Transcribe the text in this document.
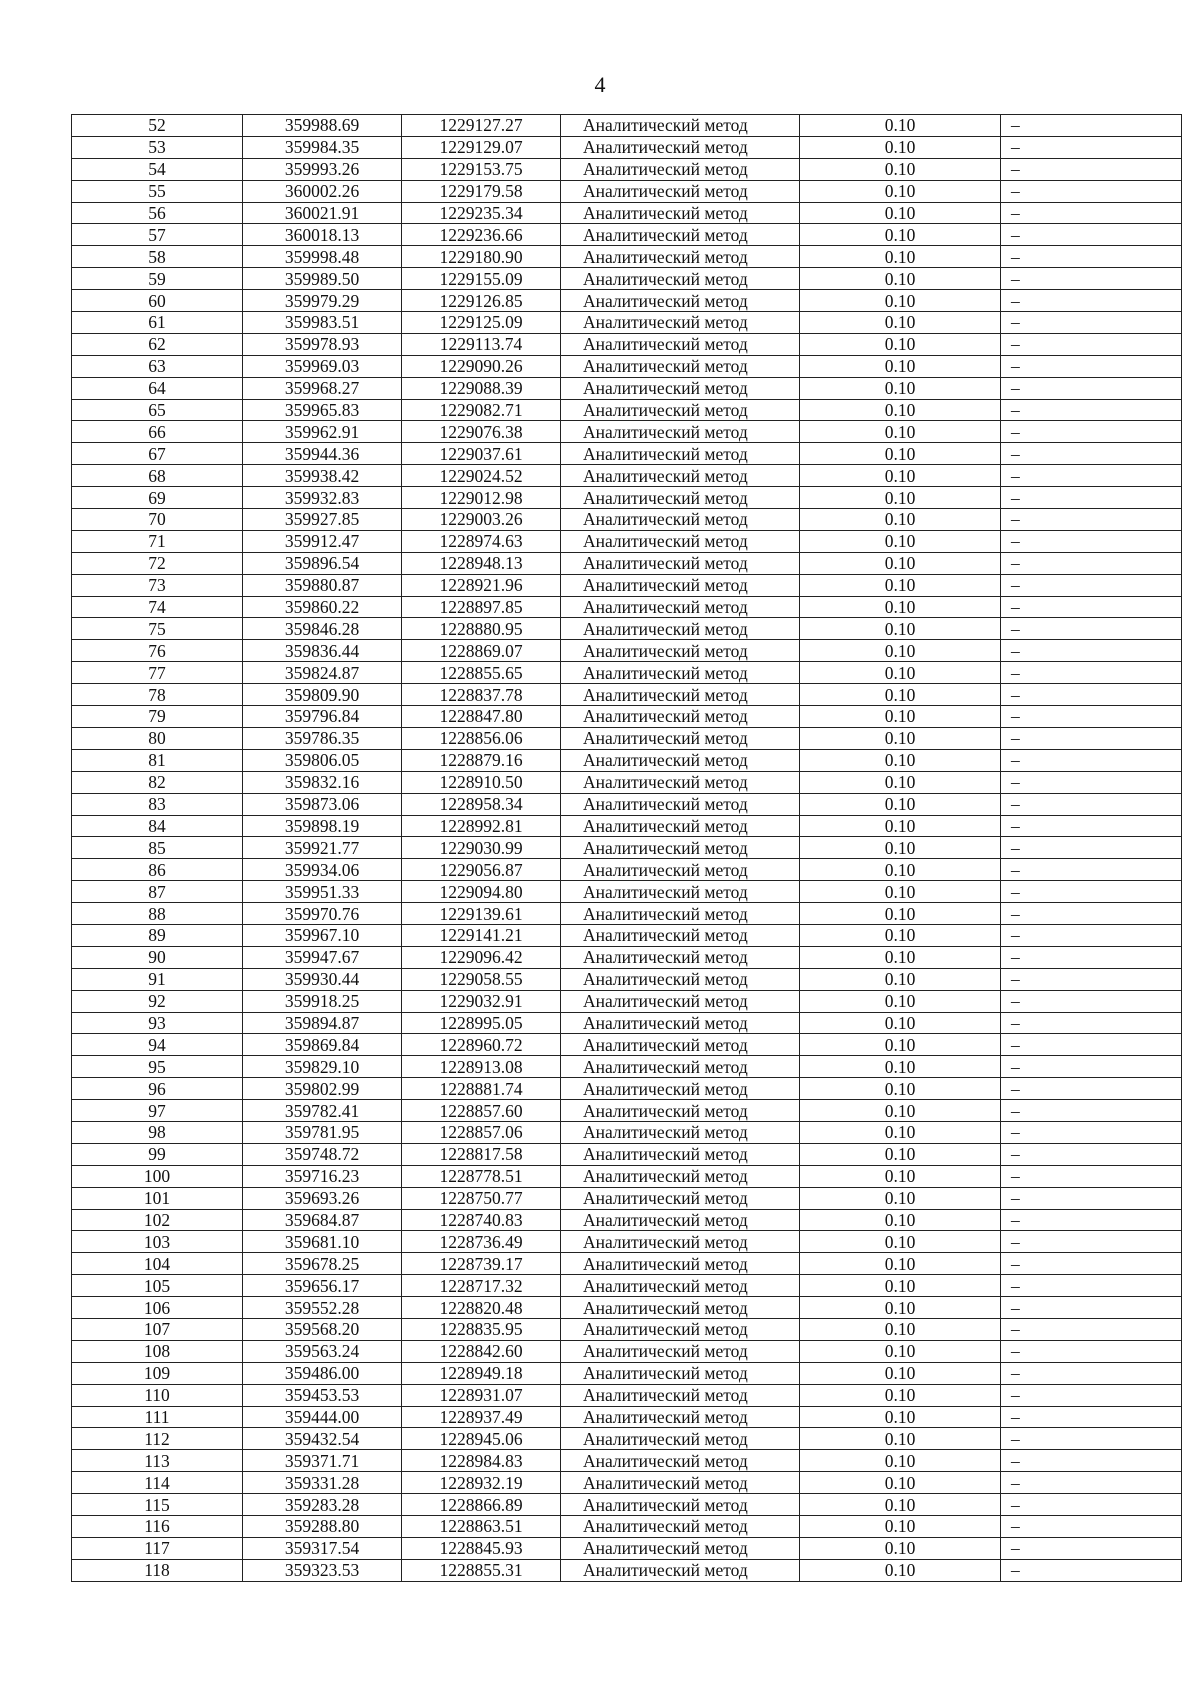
4
52	359988.69	1229127.27	Аналитический метод	0.10	–
53	359984.35	1229129.07	Аналитический метод	0.10	–
54	359993.26	1229153.75	Аналитический метод	0.10	–
55	360002.26	1229179.58	Аналитический метод	0.10	–
56	360021.91	1229235.34	Аналитический метод	0.10	–
57	360018.13	1229236.66	Аналитический метод	0.10	–
58	359998.48	1229180.90	Аналитический метод	0.10	–
59	359989.50	1229155.09	Аналитический метод	0.10	–
60	359979.29	1229126.85	Аналитический метод	0.10	–
61	359983.51	1229125.09	Аналитический метод	0.10	–
62	359978.93	1229113.74	Аналитический метод	0.10	–
63	359969.03	1229090.26	Аналитический метод	0.10	–
64	359968.27	1229088.39	Аналитический метод	0.10	–
65	359965.83	1229082.71	Аналитический метод	0.10	–
66	359962.91	1229076.38	Аналитический метод	0.10	–
67	359944.36	1229037.61	Аналитический метод	0.10	–
68	359938.42	1229024.52	Аналитический метод	0.10	–
69	359932.83	1229012.98	Аналитический метод	0.10	–
70	359927.85	1229003.26	Аналитический метод	0.10	–
71	359912.47	1228974.63	Аналитический метод	0.10	–
72	359896.54	1228948.13	Аналитический метод	0.10	–
73	359880.87	1228921.96	Аналитический метод	0.10	–
74	359860.22	1228897.85	Аналитический метод	0.10	–
75	359846.28	1228880.95	Аналитический метод	0.10	–
76	359836.44	1228869.07	Аналитический метод	0.10	–
77	359824.87	1228855.65	Аналитический метод	0.10	–
78	359809.90	1228837.78	Аналитический метод	0.10	–
79	359796.84	1228847.80	Аналитический метод	0.10	–
80	359786.35	1228856.06	Аналитический метод	0.10	–
81	359806.05	1228879.16	Аналитический метод	0.10	–
82	359832.16	1228910.50	Аналитический метод	0.10	–
83	359873.06	1228958.34	Аналитический метод	0.10	–
84	359898.19	1228992.81	Аналитический метод	0.10	–
85	359921.77	1229030.99	Аналитический метод	0.10	–
86	359934.06	1229056.87	Аналитический метод	0.10	–
87	359951.33	1229094.80	Аналитический метод	0.10	–
88	359970.76	1229139.61	Аналитический метод	0.10	–
89	359967.10	1229141.21	Аналитический метод	0.10	–
90	359947.67	1229096.42	Аналитический метод	0.10	–
91	359930.44	1229058.55	Аналитический метод	0.10	–
92	359918.25	1229032.91	Аналитический метод	0.10	–
93	359894.87	1228995.05	Аналитический метод	0.10	–
94	359869.84	1228960.72	Аналитический метод	0.10	–
95	359829.10	1228913.08	Аналитический метод	0.10	–
96	359802.99	1228881.74	Аналитический метод	0.10	–
97	359782.41	1228857.60	Аналитический метод	0.10	–
98	359781.95	1228857.06	Аналитический метод	0.10	–
99	359748.72	1228817.58	Аналитический метод	0.10	–
100	359716.23	1228778.51	Аналитический метод	0.10	–
101	359693.26	1228750.77	Аналитический метод	0.10	–
102	359684.87	1228740.83	Аналитический метод	0.10	–
103	359681.10	1228736.49	Аналитический метод	0.10	–
104	359678.25	1228739.17	Аналитический метод	0.10	–
105	359656.17	1228717.32	Аналитический метод	0.10	–
106	359552.28	1228820.48	Аналитический метод	0.10	–
107	359568.20	1228835.95	Аналитический метод	0.10	–
108	359563.24	1228842.60	Аналитический метод	0.10	–
109	359486.00	1228949.18	Аналитический метод	0.10	–
110	359453.53	1228931.07	Аналитический метод	0.10	–
111	359444.00	1228937.49	Аналитический метод	0.10	–
112	359432.54	1228945.06	Аналитический метод	0.10	–
113	359371.71	1228984.83	Аналитический метод	0.10	–
114	359331.28	1228932.19	Аналитический метод	0.10	–
115	359283.28	1228866.89	Аналитический метод	0.10	–
116	359288.80	1228863.51	Аналитический метод	0.10	–
117	359317.54	1228845.93	Аналитический метод	0.10	–
118	359323.53	1228855.31	Аналитический метод	0.10	–
